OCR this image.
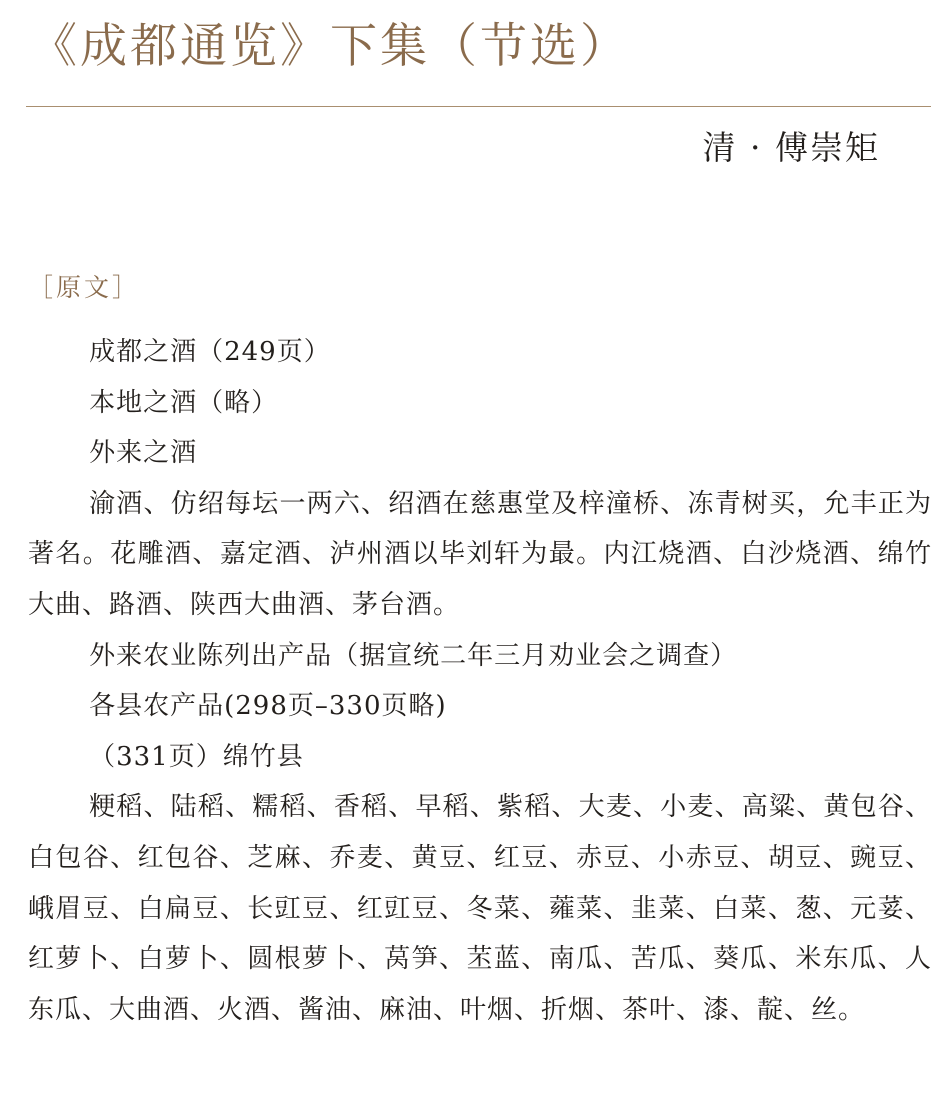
《成都通览》下集（节选）
清 · 傅崇矩
［原文］

成都之酒（249页）

本地之酒（略）

外来之酒

渝酒、仿绍每坛一两六、绍酒在慈惠堂及梓潼桥、冻青树买，允丰正为著名。花雕酒、嘉定酒、泸州酒以毕刘轩为最。内江烧酒、白沙烧酒、绵竹大曲、路酒、陕西大曲酒、茅台酒。

外来农业陈列出产品（据宣统二年三月劝业会之调查）

各县农产品(298页–330页略)

（331页）绵竹县

粳稻、陆稻、糯稻、香稻、早稻、紫稻、大麦、小麦、高粱、黄包谷、白包谷、红包谷、芝麻、乔麦、黄豆、红豆、赤豆、小赤豆、胡豆、豌豆、峨眉豆、白扁豆、长豇豆、红豇豆、冬菜、蕹菜、韭菜、白菜、葱、元荽、红萝卜、白萝卜、圆根萝卜、莴笋、苤蓝、南瓜、苦瓜、葵瓜、米东瓜、人东瓜、大曲酒、火酒、酱油、麻油、叶烟、折烟、茶叶、漆、靛、丝。
